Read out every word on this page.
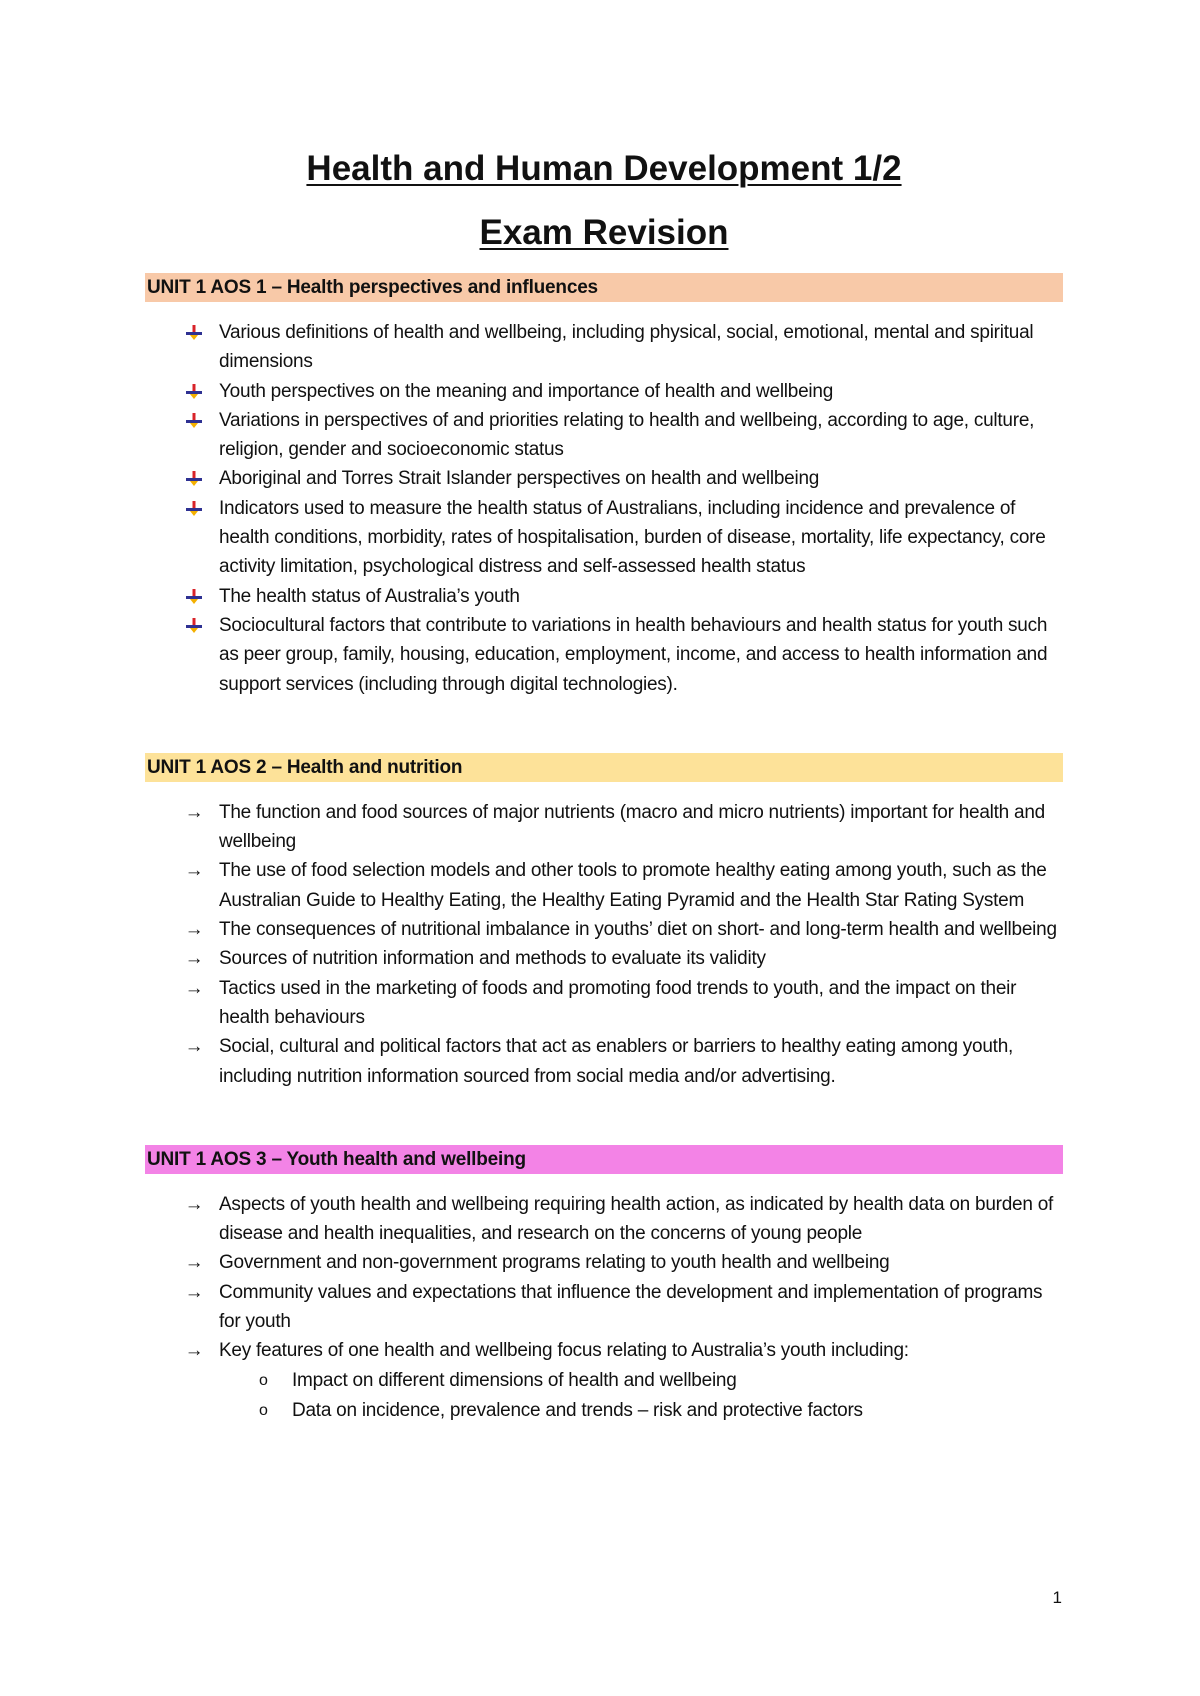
Health and Human Development 1/2
Exam Revision
UNIT 1 AOS 1 – Health perspectives and influences
Various definitions of health and wellbeing, including physical, social, emotional, mental and spiritual dimensions
Youth perspectives on the meaning and importance of health and wellbeing
Variations in perspectives of and priorities relating to health and wellbeing, according to age, culture, religion, gender and socioeconomic status
Aboriginal and Torres Strait Islander perspectives on health and wellbeing
Indicators used to measure the health status of Australians, including incidence and prevalence of health conditions, morbidity, rates of hospitalisation, burden of disease, mortality, life expectancy, core activity limitation, psychological distress and self-assessed health status
The health status of Australia’s youth
Sociocultural factors that contribute to variations in health behaviours and health status for youth such as peer group, family, housing, education, employment, income, and access to health information and support services (including through digital technologies).
UNIT 1 AOS 2 – Health and nutrition
→ The function and food sources of major nutrients (macro and micro nutrients) important for health and wellbeing
→ The use of food selection models and other tools to promote healthy eating among youth, such as the Australian Guide to Healthy Eating, the Healthy Eating Pyramid and the Health Star Rating System
→ The consequences of nutritional imbalance in youths’ diet on short- and long-term health and wellbeing
→ Sources of nutrition information and methods to evaluate its validity
→ Tactics used in the marketing of foods and promoting food trends to youth, and the impact on their health behaviours
→ Social, cultural and political factors that act as enablers or barriers to healthy eating among youth, including nutrition information sourced from social media and/or advertising.
UNIT 1 AOS 3 – Youth health and wellbeing
→ Aspects of youth health and wellbeing requiring health action, as indicated by health data on burden of disease and health inequalities, and research on the concerns of young people
→ Government and non-government programs relating to youth health and wellbeing
→ Community values and expectations that influence the development and implementation of programs for youth
→ Key features of one health and wellbeing focus relating to Australia’s youth including:
o Impact on different dimensions of health and wellbeing
o Data on incidence, prevalence and trends – risk and protective factors
1
